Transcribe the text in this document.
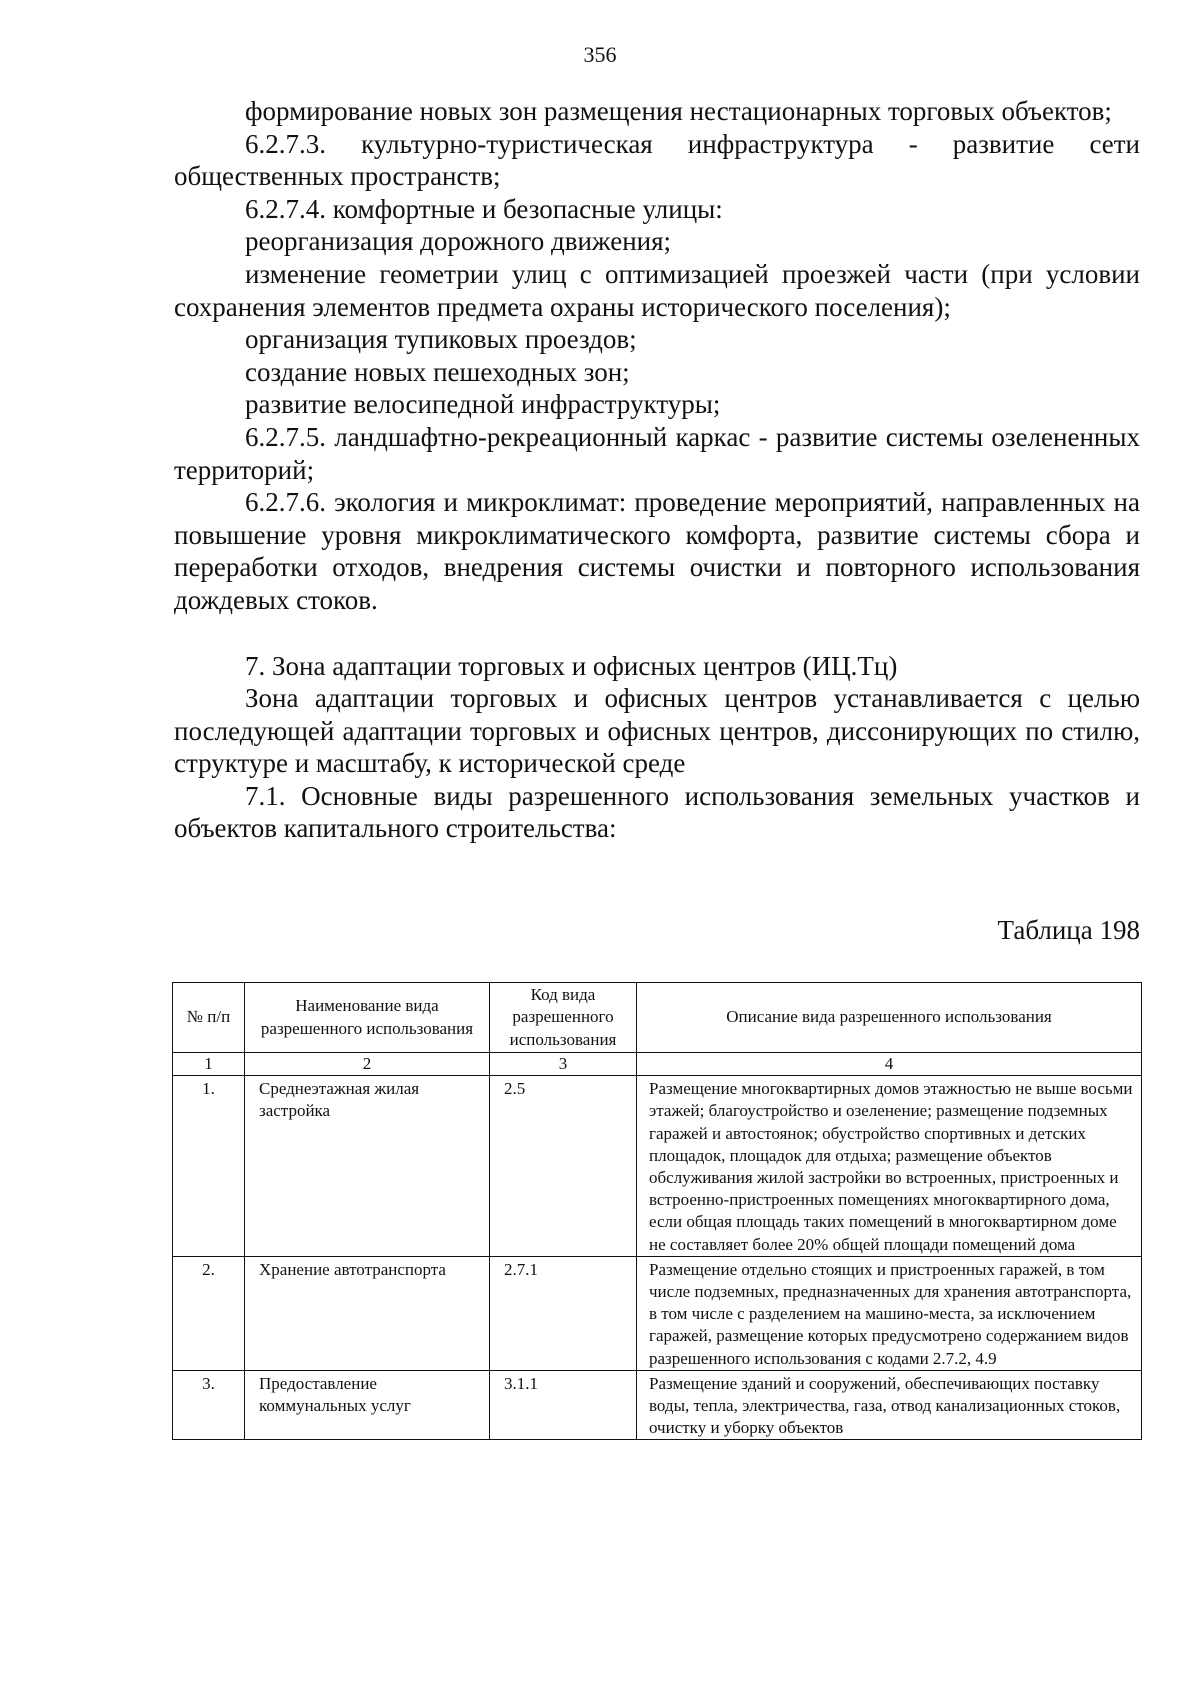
356

формирование новых зон размещения нестационарных торговых объектов;

6.2.7.3. культурно-туристическая инфраструктура - развитие сети общественных пространств;

6.2.7.4. комфортные и безопасные улицы:

реорганизация дорожного движения;

изменение геометрии улиц с оптимизацией проезжей части (при условии сохранения элементов предмета охраны исторического поселения);

организация тупиковых проездов;

создание новых пешеходных зон;

развитие велосипедной инфраструктуры;

6.2.7.5. ландшафтно-рекреационный каркас - развитие системы озелененных территорий;

6.2.7.6. экология и микроклимат: проведение мероприятий, направленных на повышение уровня микроклиматического комфорта, развитие системы сбора и переработки отходов, внедрения системы очистки и повторного использования дождевых стоков.

7. Зона адаптации торговых и офисных центров (ИЦ.Тц)

Зона адаптации торговых и офисных центров устанавливается с целью последующей адаптации торговых и офисных центров, диссонирующих по стилю, структуре и масштабу, к исторической среде

7.1. Основные виды разрешенного использования земельных участков и объектов капитального строительства:

Таблица 198
№ п/п	Наименование вида разрешенного использования	Код вида разрешенного использования	Описание вида разрешенного использования
1	2	3	4
1.	Среднеэтажная жилая застройка	2.5	Размещение многоквартирных домов этажностью не выше восьми этажей; благоустройство и озеленение; размещение подземных гаражей и автостоянок; обустройство спортивных и детских площадок, площадок для отдыха; размещение объектов обслуживания жилой застройки во встроенных, пристроенных и встроенно-пристроенных помещениях многоквартирного дома, если общая площадь таких помещений в многоквартирном доме не составляет более 20% общей площади помещений дома
2.	Хранение автотранспорта	2.7.1	Размещение отдельно стоящих и пристроенных гаражей, в том числе подземных, предназначенных для хранения автотранспорта, в том числе с разделением на машино-места, за исключением гаражей, размещение которых предусмотрено содержанием видов разрешенного использования с кодами 2.7.2, 4.9
3.	Предоставление коммунальных услуг	3.1.1	Размещение зданий и сооружений, обеспечивающих поставку воды, тепла, электричества, газа, отвод канализационных стоков, очистку и уборку объектов
